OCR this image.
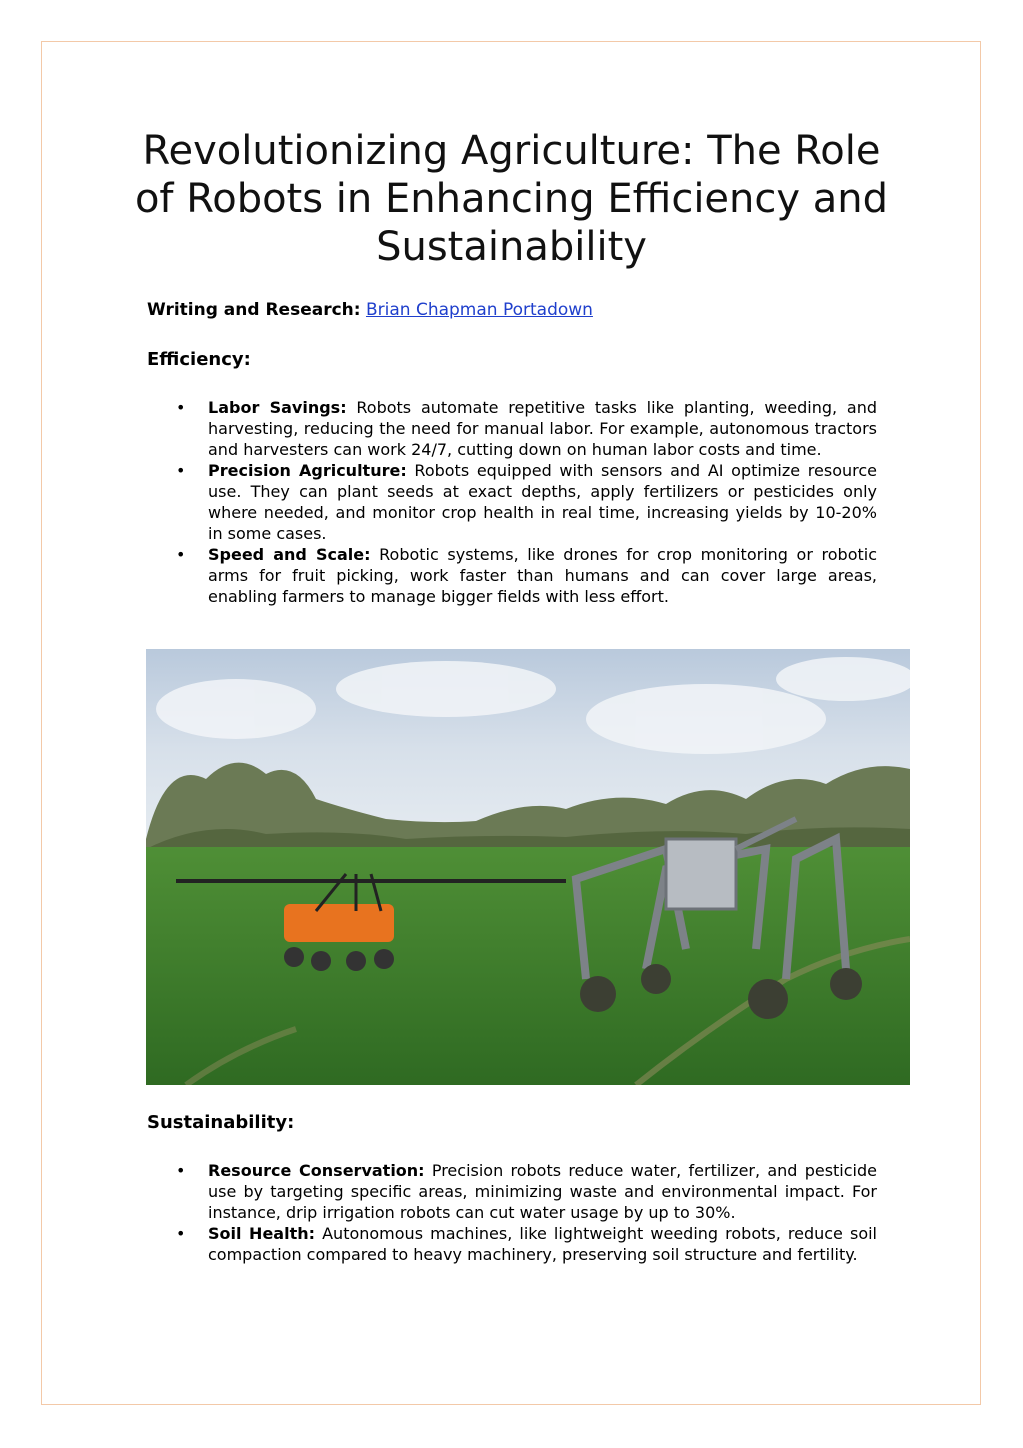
Revolutionizing Agriculture: The Role of Robots in Enhancing Efficiency and Sustainability

Writing and Research: Brian Chapman Portadown

Efficiency:
• Labor Savings: Robots automate repetitive tasks like planting, weeding, and harvesting, reducing the need for manual labor. For example, autonomous tractors and harvesters can work 24/7, cutting down on human labor costs and time.
• Precision Agriculture: Robots equipped with sensors and AI optimize resource use. They can plant seeds at exact depths, apply fertilizers or pesticides only where needed, and monitor crop health in real time, increasing yields by 10-20% in some cases.
• Speed and Scale: Robotic systems, like drones for crop monitoring or robotic arms for fruit picking, work faster than humans and can cover large areas, enabling farmers to manage bigger fields with less effort.
Sustainability:
• Resource Conservation: Precision robots reduce water, fertilizer, and pesticide use by targeting specific areas, minimizing waste and environmental impact. For instance, drip irrigation robots can cut water usage by up to 30%.
• Soil Health: Autonomous machines, like lightweight weeding robots, reduce soil compaction compared to heavy machinery, preserving soil structure and fertility.
